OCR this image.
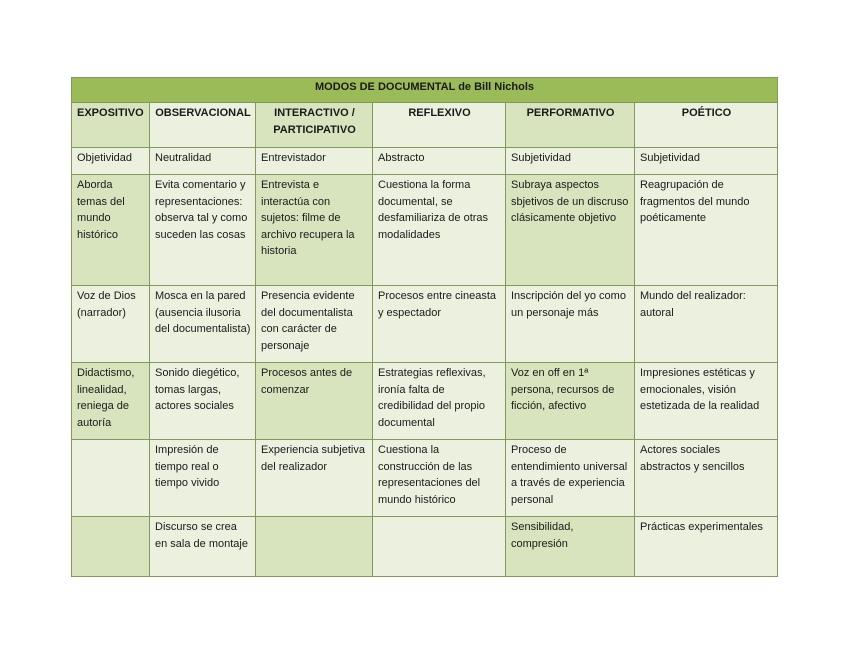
MODOS DE DOCUMENTAL de Bill Nichols					
EXPOSITIVO	OBSERVACIONAL	INTERACTIVO / PARTICIPATIVO	REFLEXIVO	PERFORMATIVO	POÉTICO
Objetividad	Neutralidad	Entrevistador	Abstracto	Subjetividad	Subjetividad
Aborda temas del mundo histórico	Evita comentario y representaciones: observa tal y como suceden las cosas	Entrevista e interactúa con sujetos: filme de archivo recupera la historia	Cuestiona la forma documental, se desfamiliariza de otras modalidades	Subraya aspectos sbjetivos de un discruso clásicamente objetivo	Reagrupación de fragmentos del mundo poéticamente
Voz de Dios (narrador)	Mosca en la pared (ausencia ilusoria del documentalista)	Presencia evidente del documentalista con carácter de personaje	Procesos entre cineasta y espectador	Inscripción del yo como un personaje más	Mundo del realizador: autoral
Didactismo, linealidad, reniega de autoría	Sonido diegético, tomas largas, actores sociales	Procesos antes de comenzar	Estrategias reflexivas, ironía falta de credibilidad del propio documental	Voz en off en 1ª persona, recursos de ficción, afectivo	Impresiones estéticas y emocionales, visión estetizada de la realidad
	Impresión de tiempo real o tiempo vivido	Experiencia subjetiva del realizador	Cuestiona la construcción de las representaciones del mundo histórico	Proceso de entendimiento universal a través de experiencia personal	Actores sociales abstractos y sencillos
	Discurso se crea en sala de montaje			Sensibilidad, compresión	Prácticas experimentales
